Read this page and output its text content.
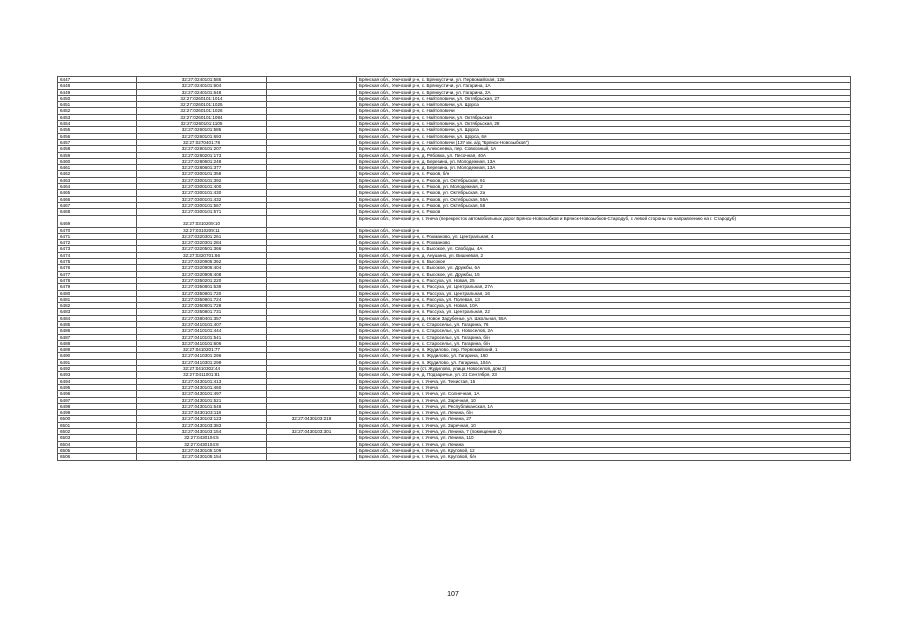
6447	32:27:0240101:585		Брянская обл., Унечский р-н, с. Брянкустичи, ул. Первомайская, 12в
6448	32:27:0240101:604		Брянская обл., Унечский р-н, с. Брянкустичи, ул. Гагарина, 1А
6449	32:27:0240101:648		Брянская обл., Унечский р-н, с. Брянкустичи, ул. Гагарина, 2А
6450	32:27:0260101:1014		Брянская обл., Унечский р-н, с. Найтоповичи, ул. Октябрьская, 27
6451	32:27:0260101:1025		Брянская обл., Унечский р-н, с. Найтоповичи, ул. Щорса
6452	32:27:0260101:1026		Брянская обл., Унечский р-н, с. Найтоповичи
6453	32:27:0260101:1084		Брянская обл., Унечский р-н, с. Найтоповичи, ул. Октябрьская
6454	32:27:0260101:1105		Брянская обл., Унечский р-н, с. Найтоповичи, ул. Октябрьская, 28
6455	32:27:0260101:585		Брянская обл., Унечский р-н, с. Найтоповичи, ул. Щорса
6456	32:27:0260101:693		Брянская обл., Унечский р-н, с. Найтоповичи, ул. Щорса, 6я
6457	32:27:0270401:78		Брянская обл., Унечский р-н, с. Найтоповичи (137 км. а/д "Брянск-Новозыбков")
6458	32:27:0280101:207		Брянская обл., Унечский р-н, д. Алексеевка, пер. Совхозный, 1А
6459	32:27:0280201:173		Брянская обл., Унечский р-н, д. Рябовка, ул. Песочная, 40А
6460	32:27:0280601:248		Брянская обл., Унечский р-н, д. Березина, ул. Молодежная, 13А
6461	32:27:0280601:377		Брянская обл., Унечский р-н, д. Березина, ул. Молодежная, 13А
6462	32:27:0300101:358		Брянская обл., Унечский р-н, с. Рюхов, б/н
6463	32:27:0300101:392		Брянская обл., Унечский р-н, с. Рюхов, ул. Октябрьская, 61
6464	32:27:0300101:400		Брянская обл., Унечский р-н, с. Рюхов, ул. Молодежная, 2
6465	32:27:0300101:430		Брянская обл., Унечский р-н, с. Рюхов, ул. Октябрьская, 2а
6466	32:27:0300101:432		Брянская обл., Унечский р-н, с. Рюхов, ул. Октябрьская, 55А
6467	32:27:0300101:567		Брянская обл., Унечский р-н, с. Рюхов, ул. Октябрьская, 58
6468	32:27:0300101:571		Брянская обл., Унечский р-н, с. Рюхов
6469	32:27:0310209:10		Брянская обл., Унечский р-н, г. Унеча (перекресток автомобильных дорог Брянск-Новозыбков и Брянск-Новозыбков-Стародуб, с левой стороны по направлению на г. Стародуб)
6470	32:27:0310209:11		Брянская обл., Унечский р-н
6471	32:27:0320301:261		Брянская обл., Унечский р-н, с. Рохманово, ул. Центральная, 4
6472	32:27:0320301:284		Брянская обл., Унечский р-н, с. Рохманово
6473	32:27:0320501:366		Брянская обл., Унечский р-н, с. Высокое, ул. Свободы, 4А
6474	32:27:0320701:66		Брянская обл., Унечский р-н, д. Анушино, ул. Вишневая, 2
6475	32:27:0320905:362		Брянская обл., Унечский р-н, п. Высокое
6476	32:27:0320905:404		Брянская обл., Унечский р-н, с. Высокое, ул. Дружбы, 6А
6477	32:27:0320905:408		Брянская обл., Унечский р-н, с. Высокое, ул. Дружбы, 15
6478	32:27:0350201:220		Брянская обл., Унечский р-н, с. Рассуха, ул. Новая, 25
6479	32:27:0350801:639		Брянская обл., Унечский р-н, п. Рассуха, ул. Центральная, 27А
6480	32:27:0350801:720		Брянская обл., Унечский р-н, п. Рассуха, ул. Центральная, 16
6481	32:27:0350801:724		Брянская обл., Унечский р-н, с. Рассуха, ул. Полевая, 13
6482	32:27:0350801:728		Брянская обл., Унечский р-н, с. Рассуха, ул. Новая, 10А
6483	32:27:0350801:731		Брянская обл., Унечский р-н, п. Рассуха, ул. Центральная, 22
6484	32:27:0380401:357		Брянская обл., Унечский р-н, д. Новое Задубенье, ул. Школьная, 55А
6485	32:27:0410101:407		Брянская обл., Унечский р-н, с. Старосельє, ул. Гагарина, 76
6486	32:27:0410101:444		Брянская обл., Унечский р-н, с. Старосельє, ул. Новоселов, 2А
6487	32:27:0410101:541		Брянская обл., Унечский р-н, с. Старосельє, ул. Гагарина, б/н
6488	32:27:0410101:606		Брянская обл., Унечский р-н, с. Старосельє, ул. Гагарина, б/н
6489	32:27:0410201:77		Брянская обл., Унечский р-н, п. Жудилово, пер. Первомайский, 1
6490	32:27:0410301:296		Брянская обл., Унечский р-н, п. Жудилово, ул. Гагарина, 160
6491	32:27:0410301:298		Брянская обл., Унечский р-н, п. Жудилово, ул. Гагарина, 104А
6492	32:27:0410302:44		Брянская обл., Унечский р-н (ст. Жудилово, улица Новоселов, дом 2)
6493	32:27:0411001:81		Брянская обл., Унечский р-н, д. Подзаречье, ул. 21 Сентября, 23
6494	32:27:0430101:413		Брянская обл., Унечский р-н, г. Унеча, ул. Тенистая, 15
6495	32:27:0430101:460		Брянская обл., Унечский р-н, г. Унеча
6496	32:27:0430101:497		Брянская обл., Унечский р-н, г. Унеча, ул. Солнечная, 1А
6497	32:27:0430101:521		Брянская обл., Унечский р-н, г. Унеча, ул. Заречная, 10
6498	32:27:0430101:548		Брянская обл., Унечский р-н, г. Унеча, ул. Республиканская, 1А
6499	32:27:0430103:118		Брянская обл., Унечский р-н, г. Унеча, ул. Ленина, б/н
6500	32:27:0430103:123	32:27:0430103:219	Брянская обл., Унечский р-н, г. Унеча, ул. Ленина, 27
6501	32:27:0430103:383		Брянская обл., Унечский р-н, г. Унеча, ул. Заречная, 10
6502	32:27:0430103:154	32:27:0430103:301	Брянская обл., Унечский р-н, г. Унеча, ул. Ленина, 7 (помещение 1)
6503	32:27:0430104:5		Брянская обл., Унечский р-н, г. Унеча, ул. Ленина, 110
6504	32:27:0430104:8		Брянская обл., Унечский р-н, г. Унеча, ул. Ленина
6505	32:27:0430105:109		Брянская обл., Унечский р-н, г. Унеча, ул. Круговой, 12
6506	32:27:0430105:154		Брянская обл., Унечский р-н, г. Унеча, ул. Круговой, б/н
107
